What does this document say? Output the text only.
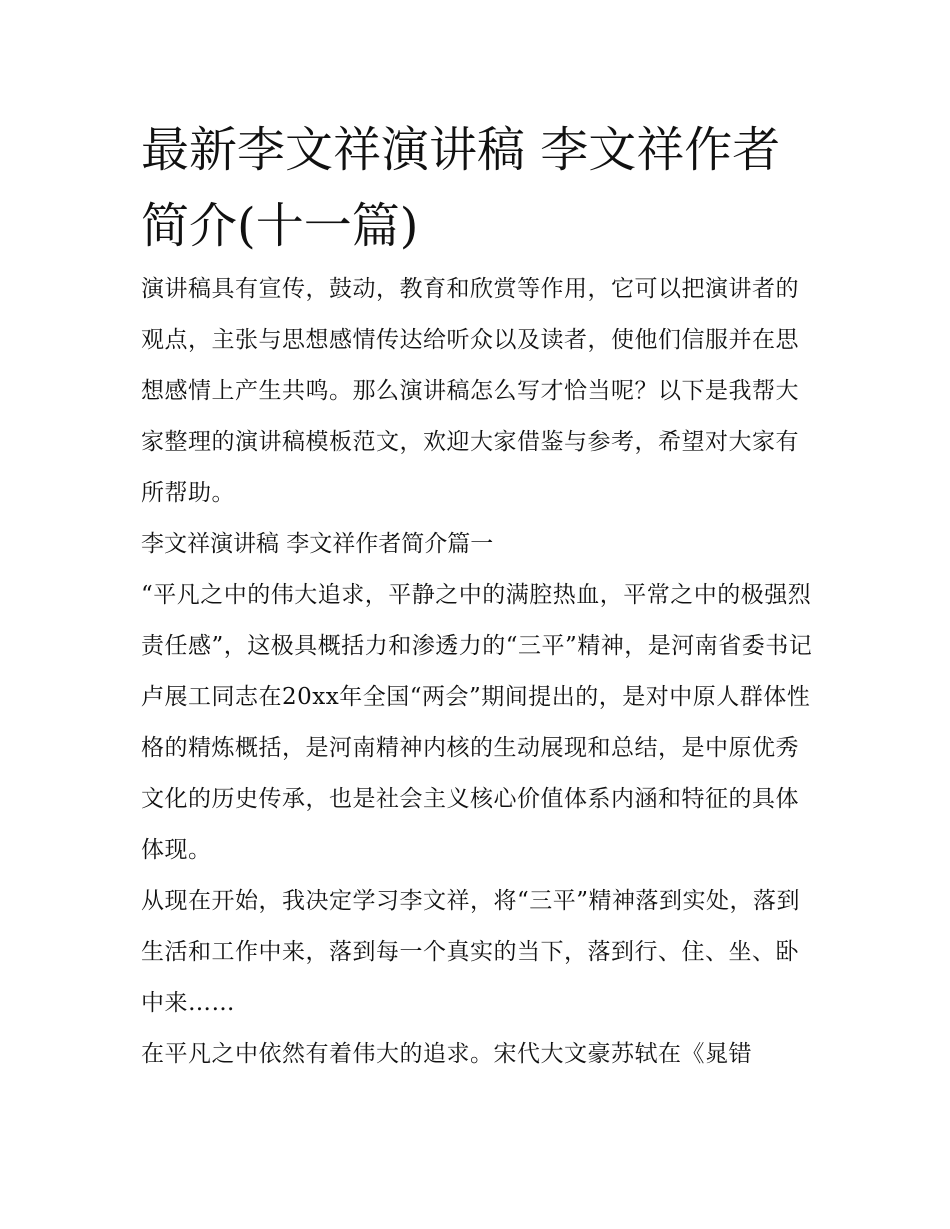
最新李文祥演讲稿 李文祥作者简介(十一篇)

演讲稿具有宣传，鼓动，教育和欣赏等作用，它可以把演讲者的观点，主张与思想感情传达给听众以及读者，使他们信服并在思想感情上产生共鸣。那么演讲稿怎么写才恰当呢？以下是我帮大家整理的演讲稿模板范文，欢迎大家借鉴与参考，希望对大家有所帮助。

李文祥演讲稿 李文祥作者简介篇一

“平凡之中的伟大追求，平静之中的满腔热血，平常之中的极强烈责任感”，这极具概括力和渗透力的“三平”精神，是河南省委书记卢展工同志在20xx年全国“两会”期间提出的，是对中原人群体性格的精炼概括，是河南精神内核的生动展现和总结，是中原优秀文化的历史传承，也是社会主义核心价值体系内涵和特征的具体体现。

从现在开始，我决定学习李文祥，将“三平”精神落到实处，落到生活和工作中来，落到每一个真实的当下，落到行、住、坐、卧中来……

在平凡之中依然有着伟大的追求。宋代大文豪苏轼在《晁错
